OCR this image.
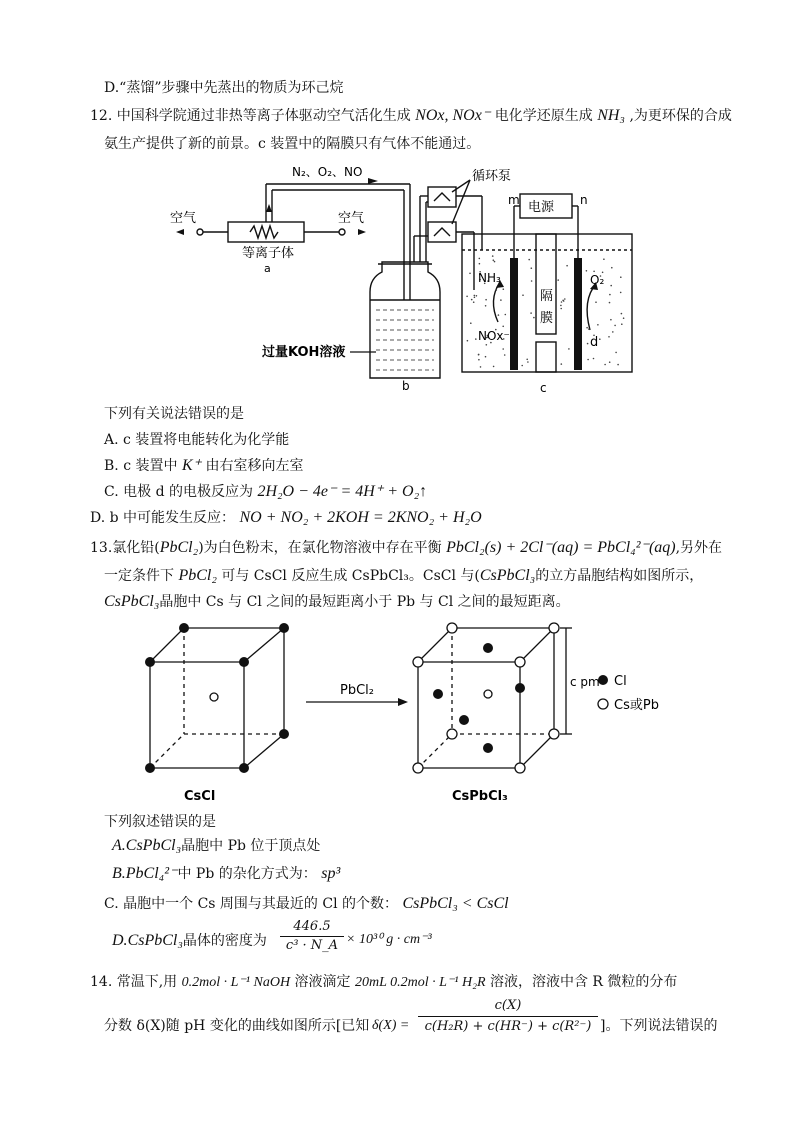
D.“蒸馏”步骤中先蒸出的物质为环己烷
12. 中国科学院通过非热等离子体驱动空气活化生成 NOx, NOx⁻ 电化学还原生成 NH₃ ,为更环保的合成
氨生产提供了新的前景。c 装置中的隔膜只有气体不能通过。
N₂、O₂、NO
空气	空气
等离子体
a
循环泵
电源
m	n
NH₃
NOx⁻
O₂
隔
膜
d
过量KOH溶液
b	c
下列有关说法错误的是
A. c 装置将电能转化为化学能
B. c 装置中 K⁺ 由右室移向左室
C. 电极 d 的电极反应为 2H₂O − 4e⁻ = 4H⁺ + O₂↑
D. b 中可能发生反应： NO + NO₂ + 2KOH = 2KNO₂ + H₂O
13.氯化铅(PbCl₂)为白色粉末，在氯化物溶液中存在平衡 PbCl₂(s) + 2Cl⁻(aq) = PbCl₄²⁻(aq),另外在
一定条件下 PbCl₂ 可与 CsCl 反应生成 CsPbCl₃。CsCl 与(CsPbCl₃的立方晶胞结构如图所示，
CsPbCl₃晶胞中 Cs 与 Cl 之间的最短距离小于 Pb 与 Cl 之间的最短距离。
PbCl₂
CsCl	CsPbCl₃
c pm Cl
Cs或Pb
下列叙述错误的是
A.CsPbCl₃晶胞中 Pb 位于顶点处
B.PbCl₄²⁻中 Pb 的杂化方式为： sp³
C. 晶胞中一个 Cs 周围与其最近的 Cl 的个数： CsPbCl₃ < CsCl
D.CsPbCl₃晶体的密度为 $\frac{446.5}{\text{c³ · N\_A}} \times 10^{30}$ g · cm⁻³
14. 常温下,用 0.2mol · L⁻¹ NaOH 溶液滴定 20mL 0.2mol · L⁻¹ H₂R 溶液，溶液中含 R 微粒的分布
分数 δ(X)随 pH 变化的曲线如图所示[已知 $\delta(X) = \frac{c(X)}{\text{c(H₂R) + c(HR⁻) + c(R²⁻)}}$ ]。下列说法错误的
